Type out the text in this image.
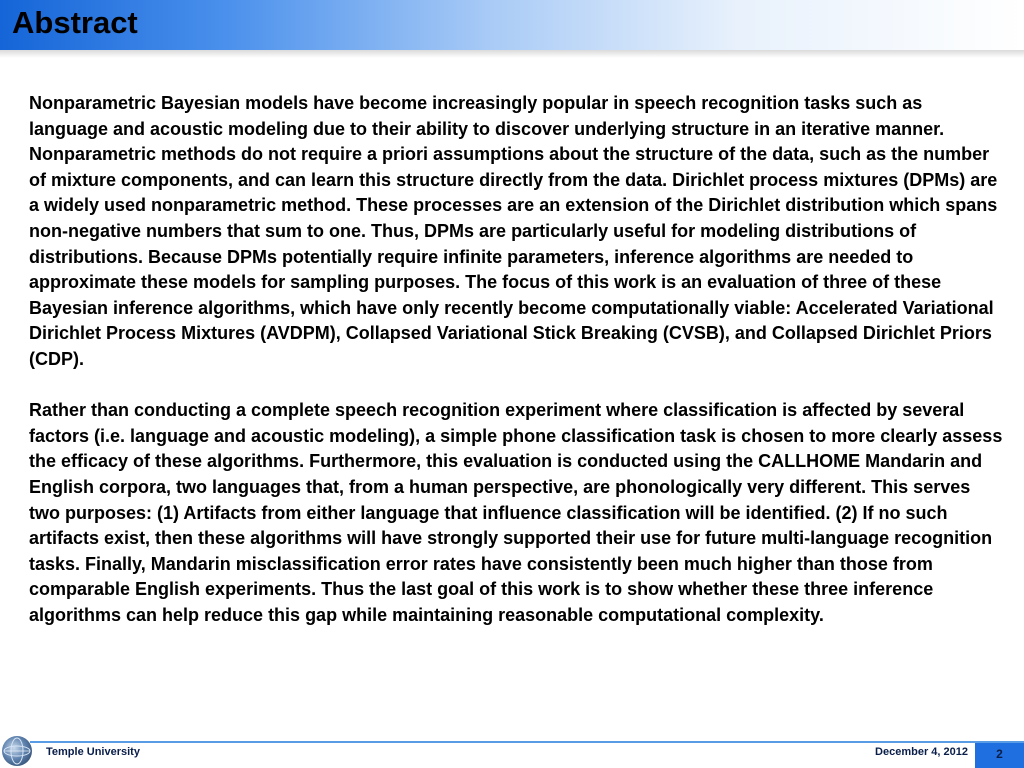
Abstract

Nonparametric Bayesian models have become increasingly popular in speech recognition tasks such as language and acoustic modeling due to their ability to discover underlying structure in an iterative manner. Nonparametric methods do not require a priori assumptions about the structure of the data, such as the number of mixture components, and can learn this structure directly from the data. Dirichlet process mixtures (DPMs) are a widely used nonparametric method. These processes are an extension of the Dirichlet distribution which spans non-negative numbers that sum to one. Thus, DPMs are particularly useful for modeling distributions of distributions. Because DPMs potentially require infinite parameters, inference algorithms are needed to approximate these models for sampling purposes. The focus of this work is an evaluation of three of these Bayesian inference algorithms, which have only recently become computationally viable: Accelerated Variational Dirichlet Process Mixtures (AVDPM), Collapsed Variational Stick Breaking (CVSB), and Collapsed Dirichlet Priors (CDP).

Rather than conducting a complete speech recognition experiment where classification is affected by several factors (i.e. language and acoustic modeling), a simple phone classification task is chosen to more clearly assess the efficacy of these algorithms. Furthermore, this evaluation is conducted using the CALLHOME Mandarin and English corpora, two languages that, from a human perspective, are phonologically very different. This serves two purposes: (1) Artifacts from either language that influence classification will be identified. (2) If no such artifacts exist, then these algorithms will have strongly supported their use for future multi-language recognition tasks. Finally, Mandarin misclassification error rates have consistently been much higher than those from comparable English experiments. Thus the last goal of this work is to show whether these three inference algorithms can help reduce this gap while maintaining reasonable computational complexity.

Temple University	December 4, 2012	2
